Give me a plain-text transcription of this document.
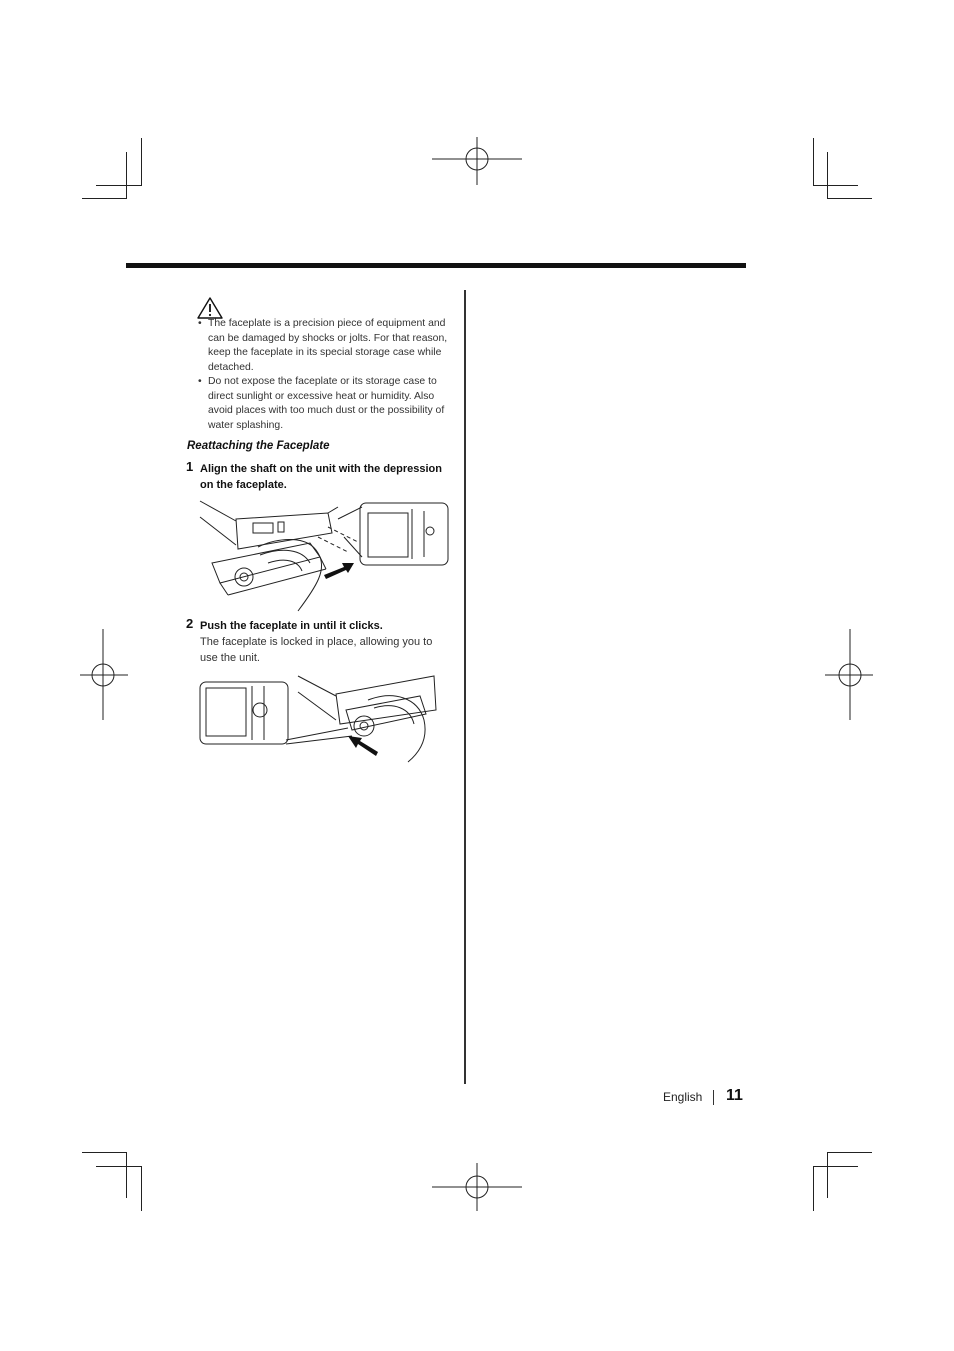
• The faceplate is a precision piece of equipment and can be damaged by shocks or jolts. For that reason, keep the faceplate in its special storage case while detached.
• Do not expose the faceplate or its storage case to direct sunlight or excessive heat or humidity. Also avoid places with too much dust or the possibility of water splashing.
Reattaching the Faceplate
1 Align the shaft on the unit with the depression on the faceplate.
2 Push the faceplate in until it clicks.
The faceplate is locked in place, allowing you to use the unit.
English 11
